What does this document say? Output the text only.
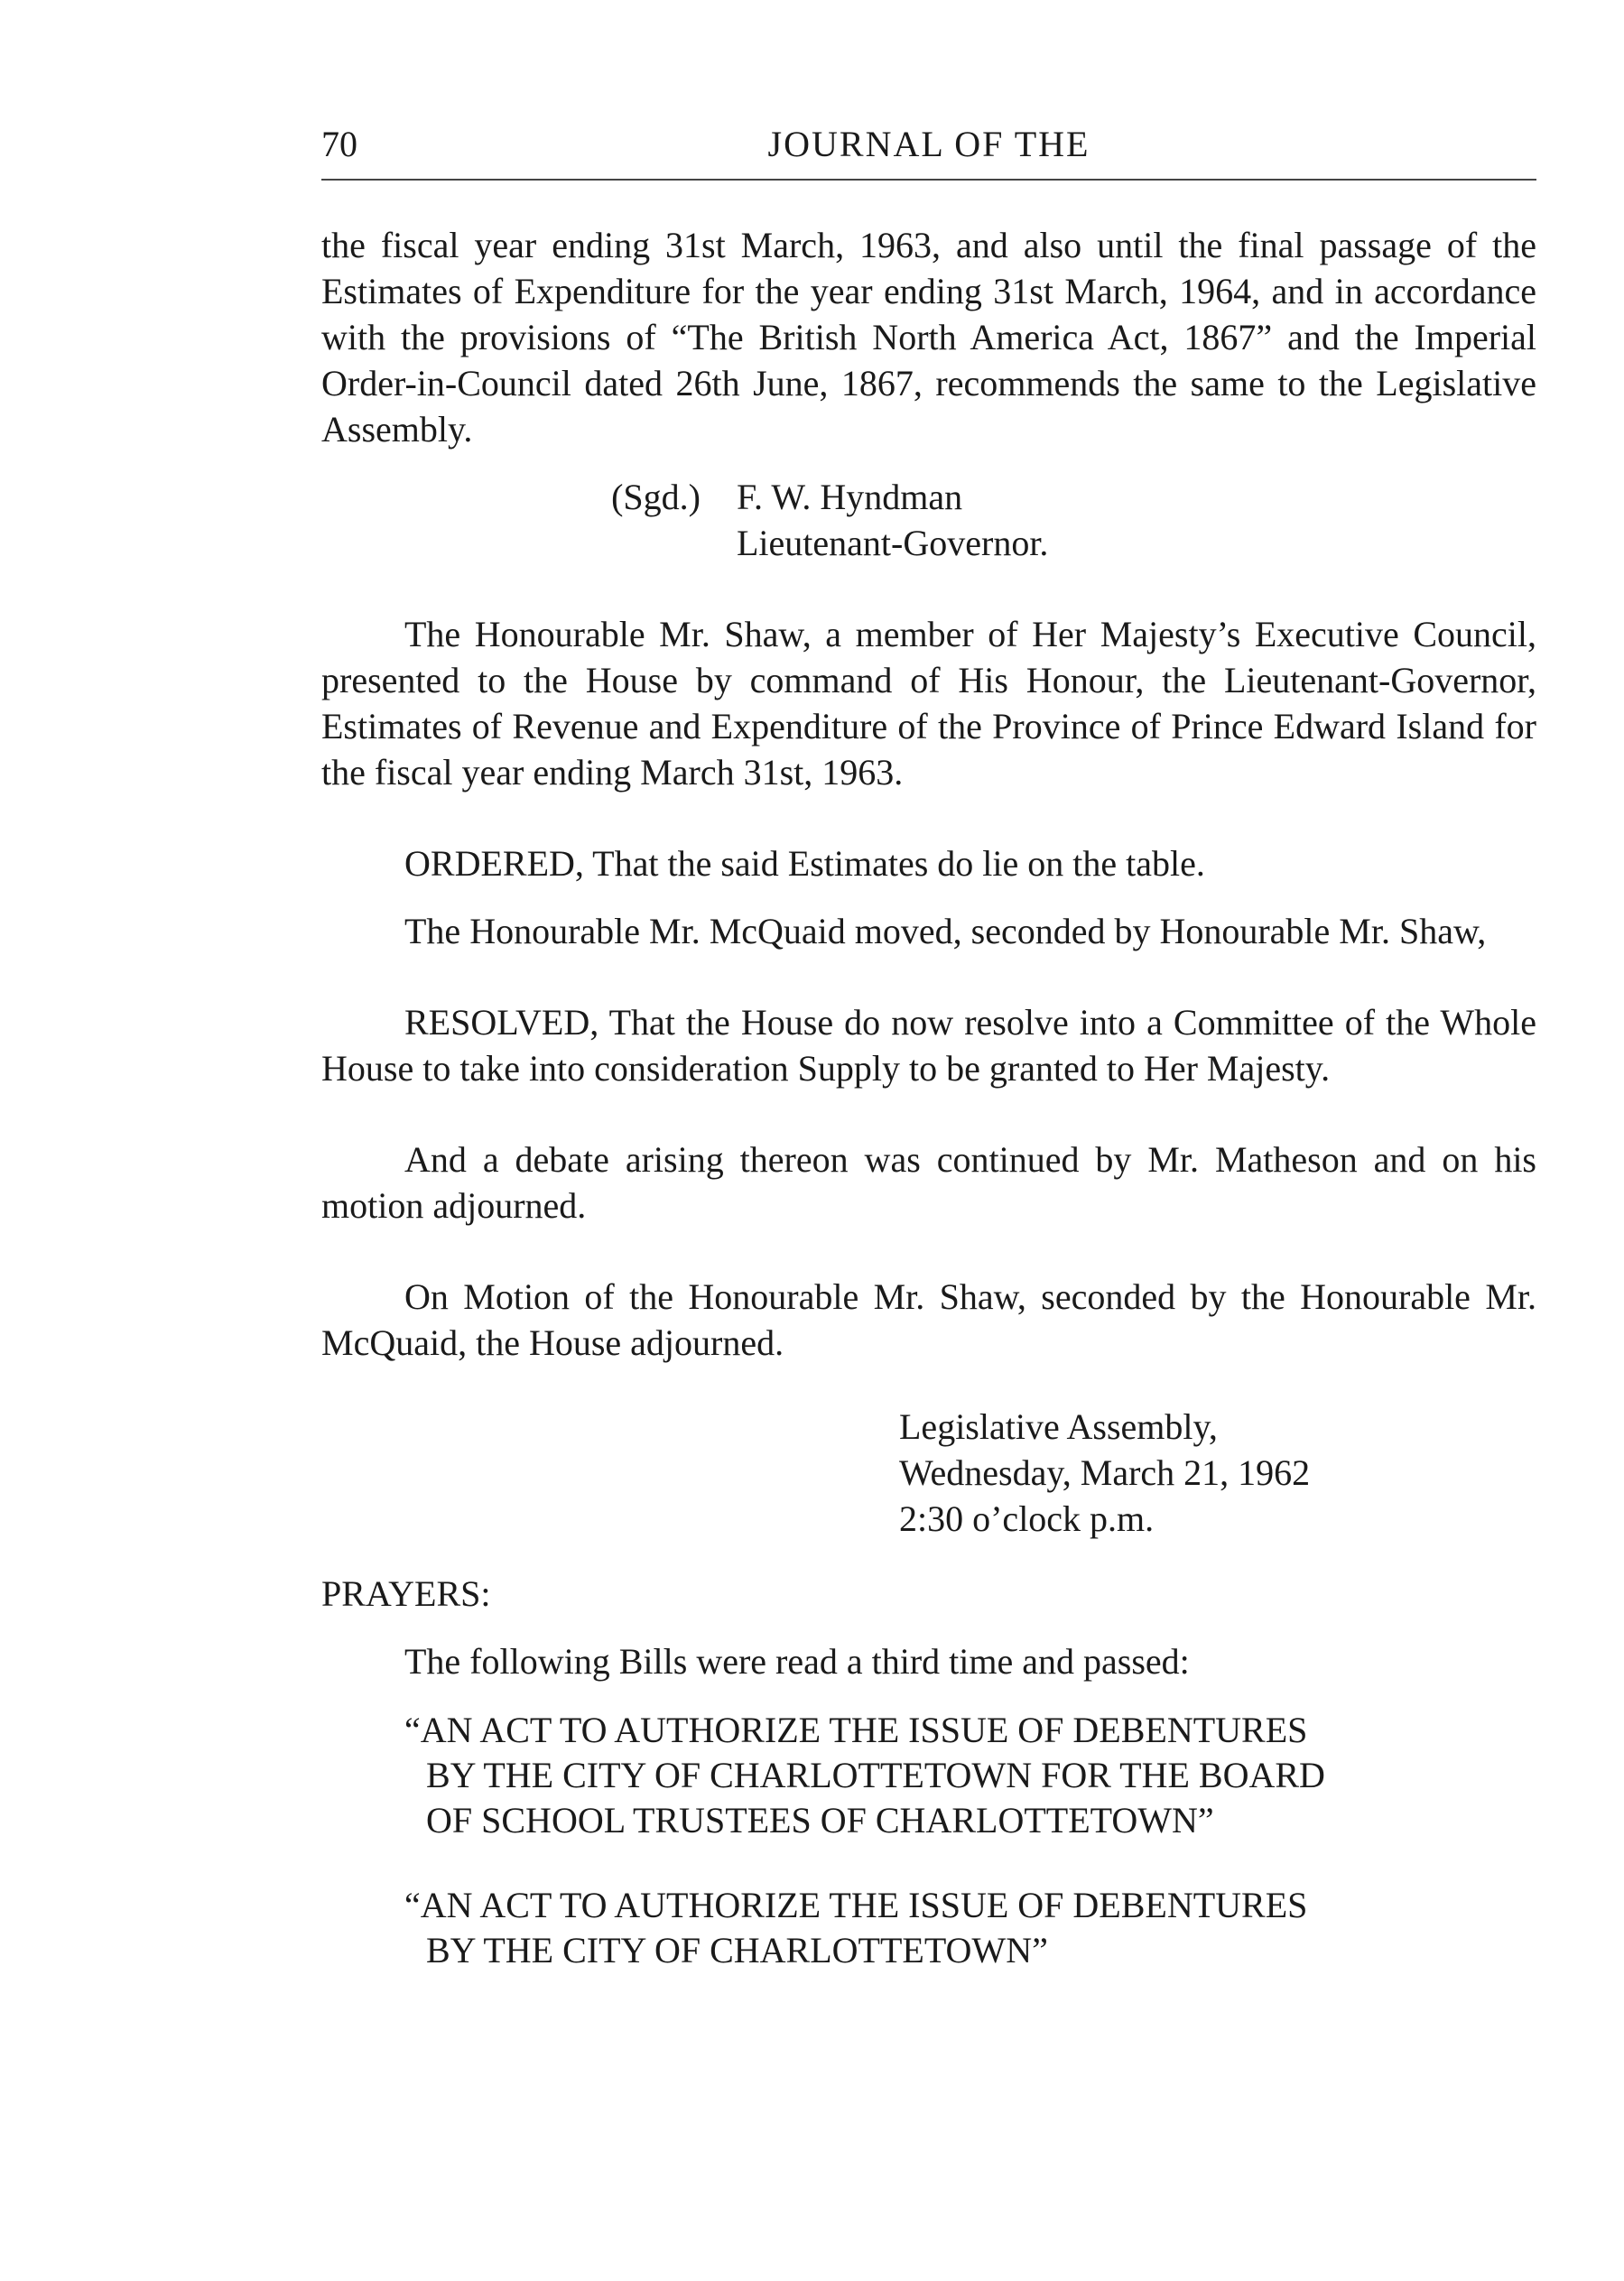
70	JOURNAL OF THE

the fiscal year ending 31st March, 1963, and also until the final passage of the Estimates of Expenditure for the year ending 31st March, 1964, and in accordance with the provisions of “The British North America Act, 1867” and the Imperial Order-in-Council dated 26th June, 1867, recommends the same to the Legislative Assembly.

(Sgd.)	F. W. Hyndman
Lieutenant-Governor.

The Honourable Mr. Shaw, a member of Her Majesty’s Executive Council, presented to the House by command of His Honour, the Lieutenant-Governor, Estimates of Revenue and Expenditure of the Province of Prince Edward Island for the fiscal year ending March 31st, 1963.

ORDERED, That the said Estimates do lie on the table.

The Honourable Mr. McQuaid moved, seconded by Honourable Mr. Shaw,

RESOLVED, That the House do now resolve into a Committee of the Whole House to take into consideration Supply to be granted to Her Majesty.

And a debate arising thereon was continued by Mr. Matheson and on his motion adjourned.

On Motion of the Honourable Mr. Shaw, seconded by the Honourable Mr. McQuaid, the House adjourned.

Legislative Assembly,
Wednesday, March 21, 1962
2:30 o’clock p.m.
PRAYERS:

The following Bills were read a third time and passed:

“AN ACT TO AUTHORIZE THE ISSUE OF DEBENTURES
BY THE CITY OF CHARLOTTETOWN FOR THE BOARD
OF SCHOOL TRUSTEES OF CHARLOTTETOWN”
“AN ACT TO AUTHORIZE THE ISSUE OF DEBENTURES
BY THE CITY OF CHARLOTTETOWN”
